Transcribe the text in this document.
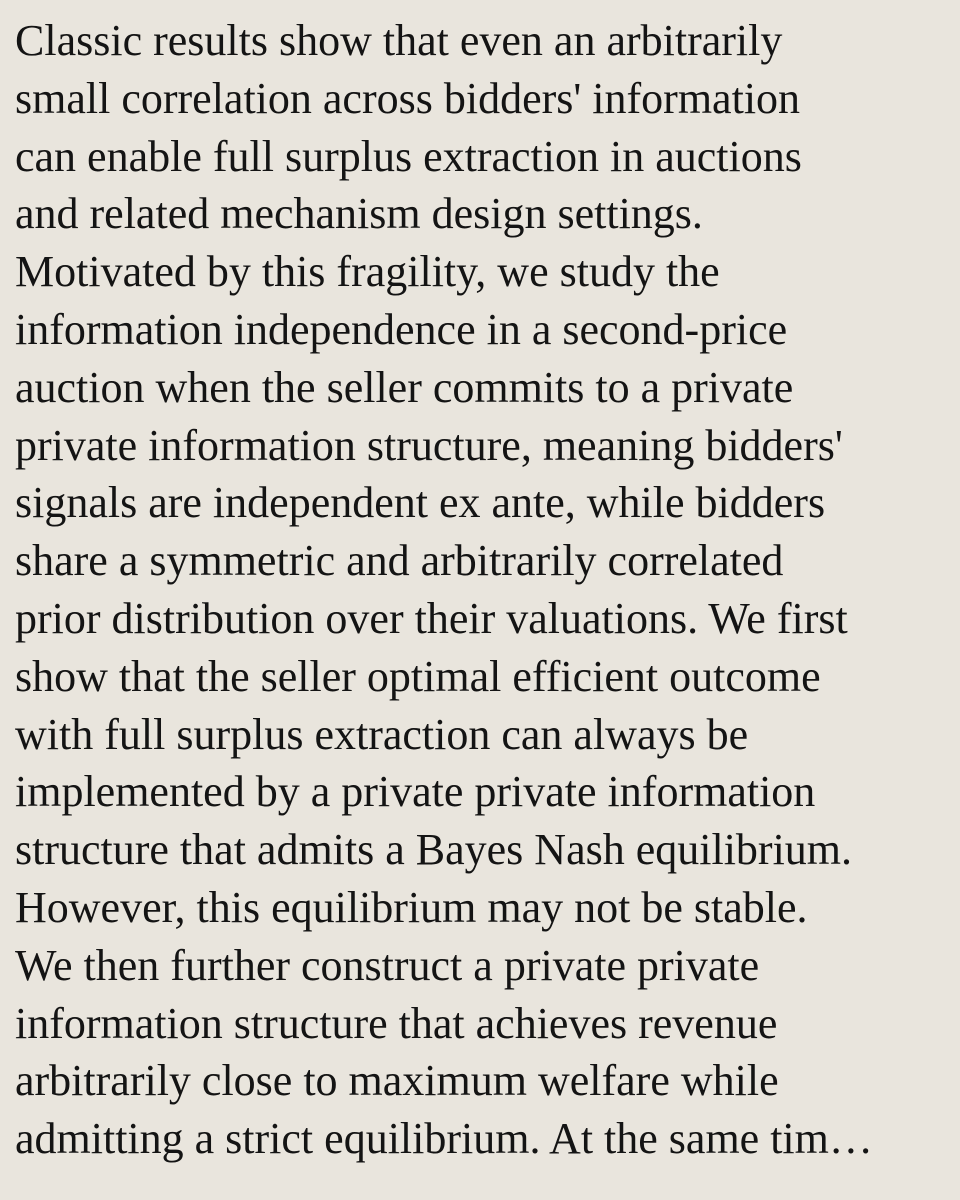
Classic results show that even an arbitrarily
small correlation across bidders' information
can enable full surplus extraction in auctions
and related mechanism design settings.
Motivated by this fragility, we study the
information independence in a second-price
auction when the seller commits to a private
private information structure, meaning bidders'
signals are independent ex ante, while bidders
share a symmetric and arbitrarily correlated
prior distribution over their valuations. We first
show that the seller optimal efficient outcome
with full surplus extraction can always be
implemented by a private private information
structure that admits a Bayes Nash equilibrium.
However, this equilibrium may not be stable.
We then further construct a private private
information structure that achieves revenue
arbitrarily close to maximum welfare while
admitting a strict equilibrium. At the same tim…
